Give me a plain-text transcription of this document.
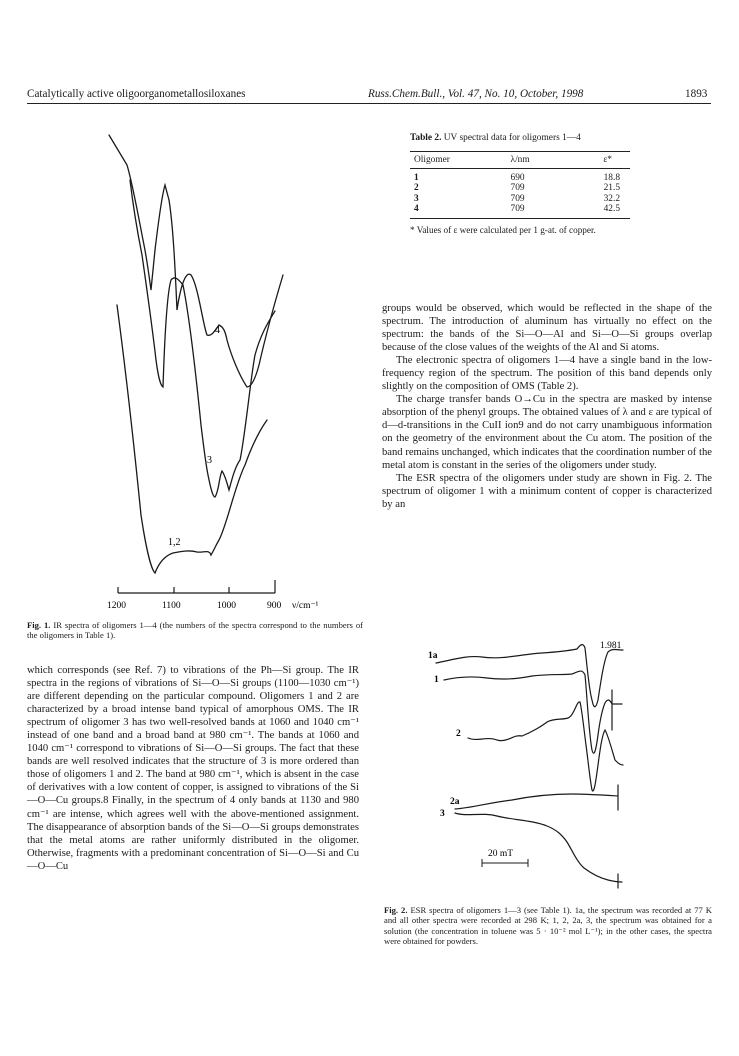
Catalytically active oligoorganometallosiloxanes	Russ.Chem.Bull., Vol. 47, No. 10, October, 1998	1893
4
3
1,2
1200	1100	1000	900 ν/cm⁻¹
Fig. 1. IR spectra of oligomers 1—4 (the numbers of the spectra correspond to the numbers of the oligomers in Table 1).

which corresponds (see Ref. 7) to vibrations of the Ph—Si group. The IR spectra in the regions of vibrations of Si—O—Si groups (1100—1030 cm⁻¹) are different depending on the particular compound. Oligomers 1 and 2 are characterized by a broad intense band typical of amorphous OMS. The IR spectrum of oligomer 3 has two well-resolved bands at 1060 and 1040 cm⁻¹ instead of one band and a broad band at 980 cm⁻¹. The bands at 1060 and 1040 cm⁻¹ correspond to vibrations of Si—O—Si groups. The fact that these bands are well resolved indicates that the structure of 3 is more ordered than those of oligomers 1 and 2. The band at 980 cm⁻¹, which is absent in the case of derivatives with a low content of copper, is assigned to vibrations of the Si—O—Cu groups.8 Finally, in the spectrum of 4 only bands at 1130 and 980 cm⁻¹ are intense, which agrees well with the above-mentioned assignment. The disappearance of absorption bands of the Si—O—Si groups demonstrates that the metal atoms are rather uniformly distributed in the oligomer. Otherwise, fragments with a predominant concentration of Si—O—Si and Cu—O—Cu

Table 2. UV spectral data for oligomers 1—4
Oligomer	λ/nm	ε*
1	690	18.8
2	709	21.5
3	709	32.2
4	709	42.5
* Values of ε were calculated per 1 g-at. of copper.

groups would be observed, which would be reflected in the shape of the spectrum. The introduction of aluminum has virtually no effect on the spectrum: the bands of the Si—O—Al and Si—O—Si groups overlap because of the close values of the weights of the Al and Si atoms.

The electronic spectra of oligomers 1—4 have a single band in the low-frequency region of the spectrum. The position of this band depends only slightly on the composition of OMS (Table 2).

The charge transfer bands O→Cu in the spectra are masked by intense absorption of the phenyl groups. The obtained values of λ and ε are typical of d—d-transitions in the CuII ion9 and do not carry unambiguous information on the geometry of the environment about the Cu atom. The position of the band remains unchanged, which indicates that the coordination number of the metal atom is constant in the series of the oligomers under study.

The ESR spectra of the oligomers under study are shown in Fig. 2. The spectrum of oligomer 1 with a minimum content of copper is characterized by an

1.981
1a
1
2
2a
3
20 mT
Fig. 2. ESR spectra of oligomers 1—3 (see Table 1). 1a, the spectrum was recorded at 77 K and all other spectra were recorded at 298 K; 1, 2, 2a, 3, the spectrum was obtained for a solution (the concentration in toluene was 5 · 10⁻² mol L⁻¹); in the other cases, the spectra were obtained for powders.
